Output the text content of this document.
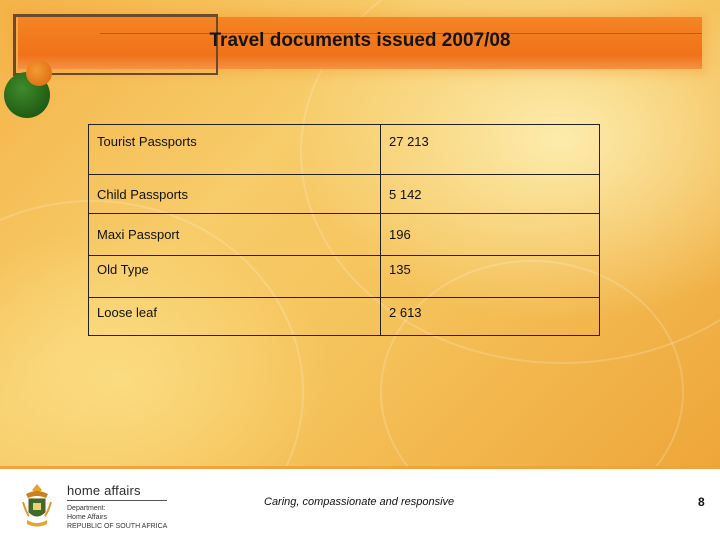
Travel documents issued 2007/08
Tourist Passports	27 213
Child Passports	5 142
Maxi Passport	196
Old Type	135
Loose leaf	2 613
home affairs
Department:
Home Affairs
REPUBLIC OF SOUTH AFRICA
Caring, compassionate and responsive	8
